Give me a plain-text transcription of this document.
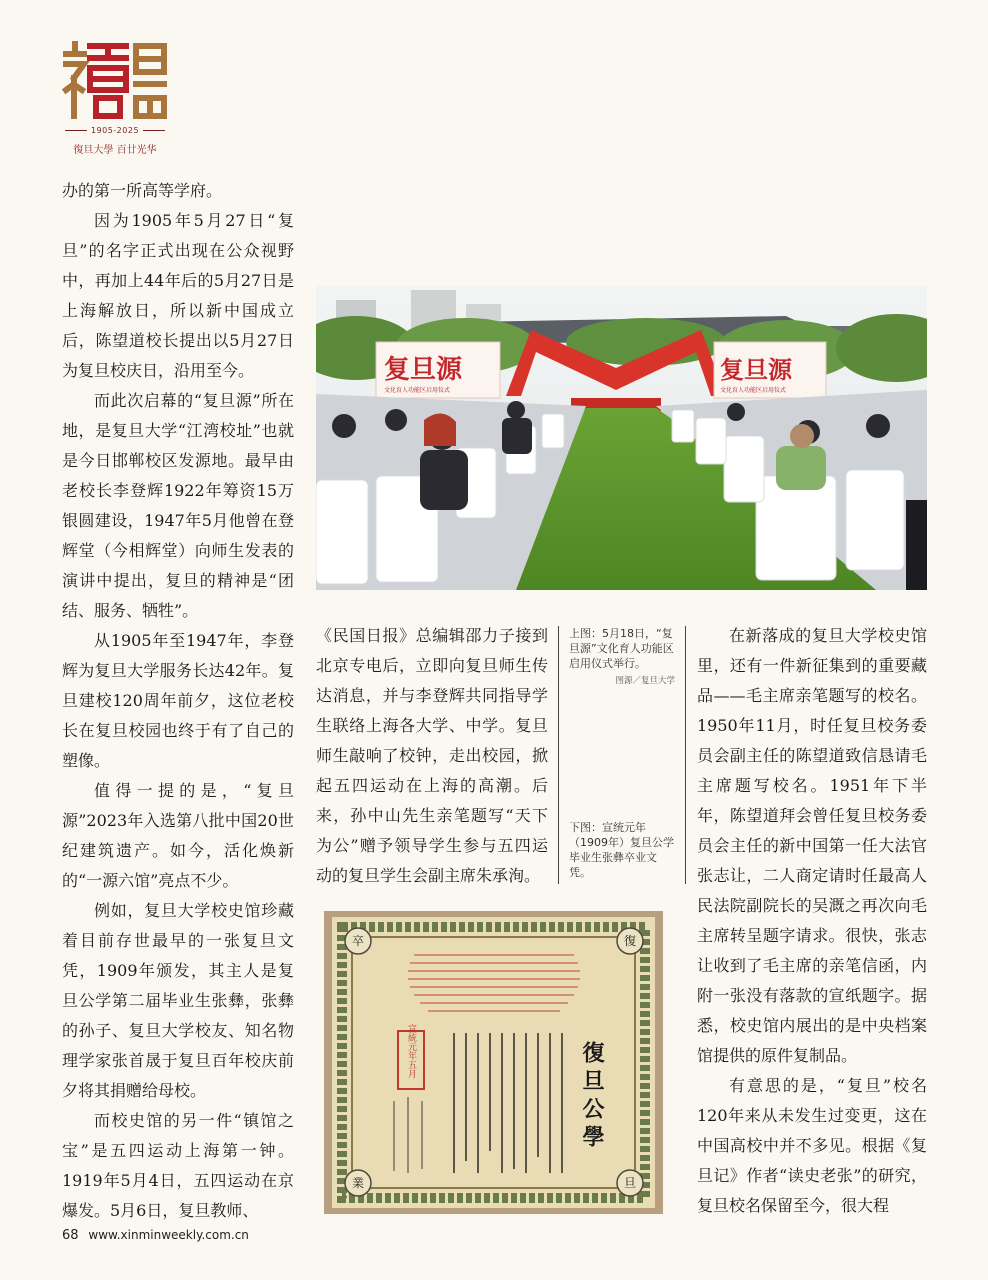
1905-2025
復旦大學 百廿光华

办的第一所高等学府。

因为1905年5月27日“复旦”的名字正式出现在公众视野中，再加上44年后的5月27日是上海解放日，所以新中国成立后，陈望道校长提出以5月27日为复旦校庆日，沿用至今。

而此次启幕的“复旦源”所在地，是复旦大学“江湾校址”也就是今日邯郸校区发源地。最早由老校长李登辉1922年筹资15万银圆建设，1947年5月他曾在登辉堂（今相辉堂）向师生发表的演讲中提出，复旦的精神是“团结、服务、牺牲”。

从1905年至1947年，李登辉为复旦大学服务长达42年。复旦建校120周年前夕，这位老校长在复旦校园也终于有了自己的塑像。

值得一提的是，“复旦源”2023年入选第八批中国20世纪建筑遗产。如今，活化焕新的“一源六馆”亮点不少。

例如，复旦大学校史馆珍藏着目前存世最早的一张复旦文凭，1909年颁发，其主人是复旦公学第二届毕业生张彝，张彝的孙子、复旦大学校友、知名物理学家张首晟于复旦百年校庆前夕将其捐赠给母校。

而校史馆的另一件“镇馆之宝”是五四运动上海第一钟。1919年5月4日，五四运动在京爆发。5月6日，复旦教师、

复旦源
文化育人功能区启用仪式
复旦源
文化育人功能区启用仪式

《民国日报》总编辑邵力子接到北京专电后，立即向复旦师生传达消息，并与李登辉共同指导学生联络上海各大学、中学。复旦师生敲响了校钟，走出校园，掀起五四运动在上海的高潮。后来，孙中山先生亲笔题写“天下为公”赠予领导学生参与五四运动的复旦学生会副主席朱承洵。

上图：5月18日，“复旦源”文化育人功能区启用仪式举行。
图源／复旦大学
下图：宣统元年（1909年）复旦公学毕业生张彝卒业文凭。

在新落成的复旦大学校史馆里，还有一件新征集到的重要藏品——毛主席亲笔题写的校名。1950年11月，时任复旦校务委员会副主任的陈望道致信恳请毛主席题写校名。1951年下半年，陈望道拜会曾任复旦校务委员会主任的新中国第一任大法官张志让，二人商定请时任最高人民法院副院长的吴溉之再次向毛主席转呈题字请求。很快，张志让收到了毛主席的亲笔信函，内附一张没有落款的宣纸题字。据悉，校史馆内展出的是中央档案馆提供的原件复制品。

有意思的是，“复旦”校名120年来从未发生过变更，这在中国高校中并不多见。根据《复旦记》作者“读史老张”的研究，复旦校名保留至今，很大程

卒	復
旦
業
宣統元年五月	復旦公學
68 www.xinminweekly.com.cn
